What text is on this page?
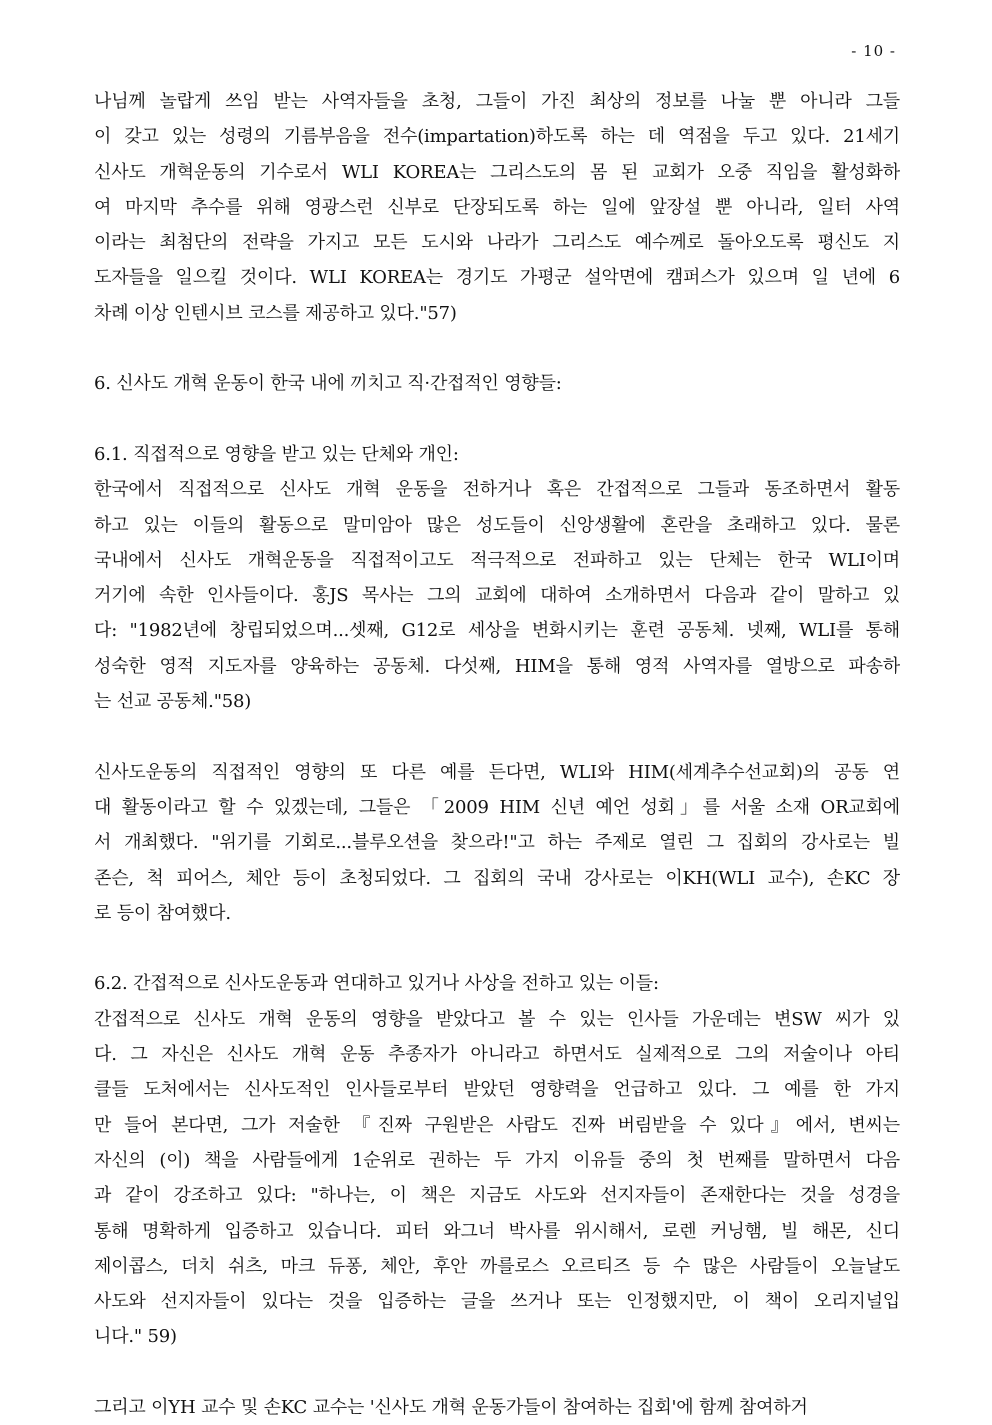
- 10 -
나님께 놀랍게 쓰임 받는 사역자들을 초청, 그들이 가진 최상의 정보를 나눌 뿐 아니라 그들
이 갖고 있는 성령의 기름부음을 전수(impartation)하도록 하는 데 역점을 두고 있다. 21세기
신사도 개혁운동의 기수로서 WLI KOREA는 그리스도의 몸 된 교회가 오중 직임을 활성화하
여 마지막 추수를 위해 영광스런 신부로 단장되도록 하는 일에 앞장설 뿐 아니라, 일터 사역
이라는 최첨단의 전략을 가지고 모든 도시와 나라가 그리스도 예수께로 돌아오도록 평신도 지
도자들을 일으킬 것이다. WLI KOREA는 경기도 가평군 설악면에 캠퍼스가 있으며 일 년에 6
차례 이상 인텐시브 코스를 제공하고 있다."57)
6. 신사도 개혁 운동이 한국 내에 끼치고 직·간접적인 영향들:
6.1. 직접적으로 영향을 받고 있는 단체와 개인:
한국에서 직접적으로 신사도 개혁 운동을 전하거나 혹은 간접적으로 그들과 동조하면서 활동
하고 있는 이들의 활동으로 말미암아 많은 성도들이 신앙생활에 혼란을 초래하고 있다. 물론
국내에서 신사도 개혁운동을 직접적이고도 적극적으로 전파하고 있는 단체는 한국 WLI이며
거기에 속한 인사들이다. 홍JS 목사는 그의 교회에 대하여 소개하면서 다음과 같이 말하고 있
다: "1982년에 창립되었으며...셋째, G12로 세상을 변화시키는 훈련 공동체. 넷째, WLI를 통해
성숙한 영적 지도자를 양육하는 공동체. 다섯째, HIM을 통해 영적 사역자를 열방으로 파송하
는 선교 공동체."58)
신사도운동의 직접적인 영향의 또 다른 예를 든다면, WLI와 HIM(세계추수선교회)의 공동 연
대 활동이라고 할 수 있겠는데, 그들은 「2009 HIM 신년 예언 성회」를 서울 소재 OR교회에
서 개최했다. "위기를 기회로...블루오션을 찾으라!"고 하는 주제로 열린 그 집회의 강사로는 빌
존슨, 척 피어스, 체안 등이 초청되었다. 그 집회의 국내 강사로는 이KH(WLI 교수), 손KC 장
로 등이 참여했다.
6.2. 간접적으로 신사도운동과 연대하고 있거나 사상을 전하고 있는 이들:
간접적으로 신사도 개혁 운동의 영향을 받았다고 볼 수 있는 인사들 가운데는 변SW 씨가 있
다. 그 자신은 신사도 개혁 운동 추종자가 아니라고 하면서도 실제적으로 그의 저술이나 아티
클들 도처에서는 신사도적인 인사들로부터 받았던 영향력을 언급하고 있다. 그 예를 한 가지
만 들어 본다면, 그가 저술한 『진짜 구원받은 사람도 진짜 버림받을 수 있다』에서, 변씨는
자신의 (이) 책을 사람들에게 1순위로 권하는 두 가지 이유들 중의 첫 번째를 말하면서 다음
과 같이 강조하고 있다: "하나는, 이 책은 지금도 사도와 선지자들이 존재한다는 것을 성경을
통해 명확하게 입증하고 있습니다. 피터 와그너 박사를 위시해서, 로렌 커닝햄, 빌 해몬, 신디
제이콥스, 더치 쉬츠, 마크 듀퐁, 체안, 후안 까를로스 오르티즈 등 수 많은 사람들이 오늘날도
사도와 선지자들이 있다는 것을 입증하는 글을 쓰거나 또는 인정했지만, 이 책이 오리지널입
니다." 59)
그리고 이YH 교수 및 손KC 교수는 '신사도 개혁 운동가들이 참여하는 집회'에 함께 참여하거
